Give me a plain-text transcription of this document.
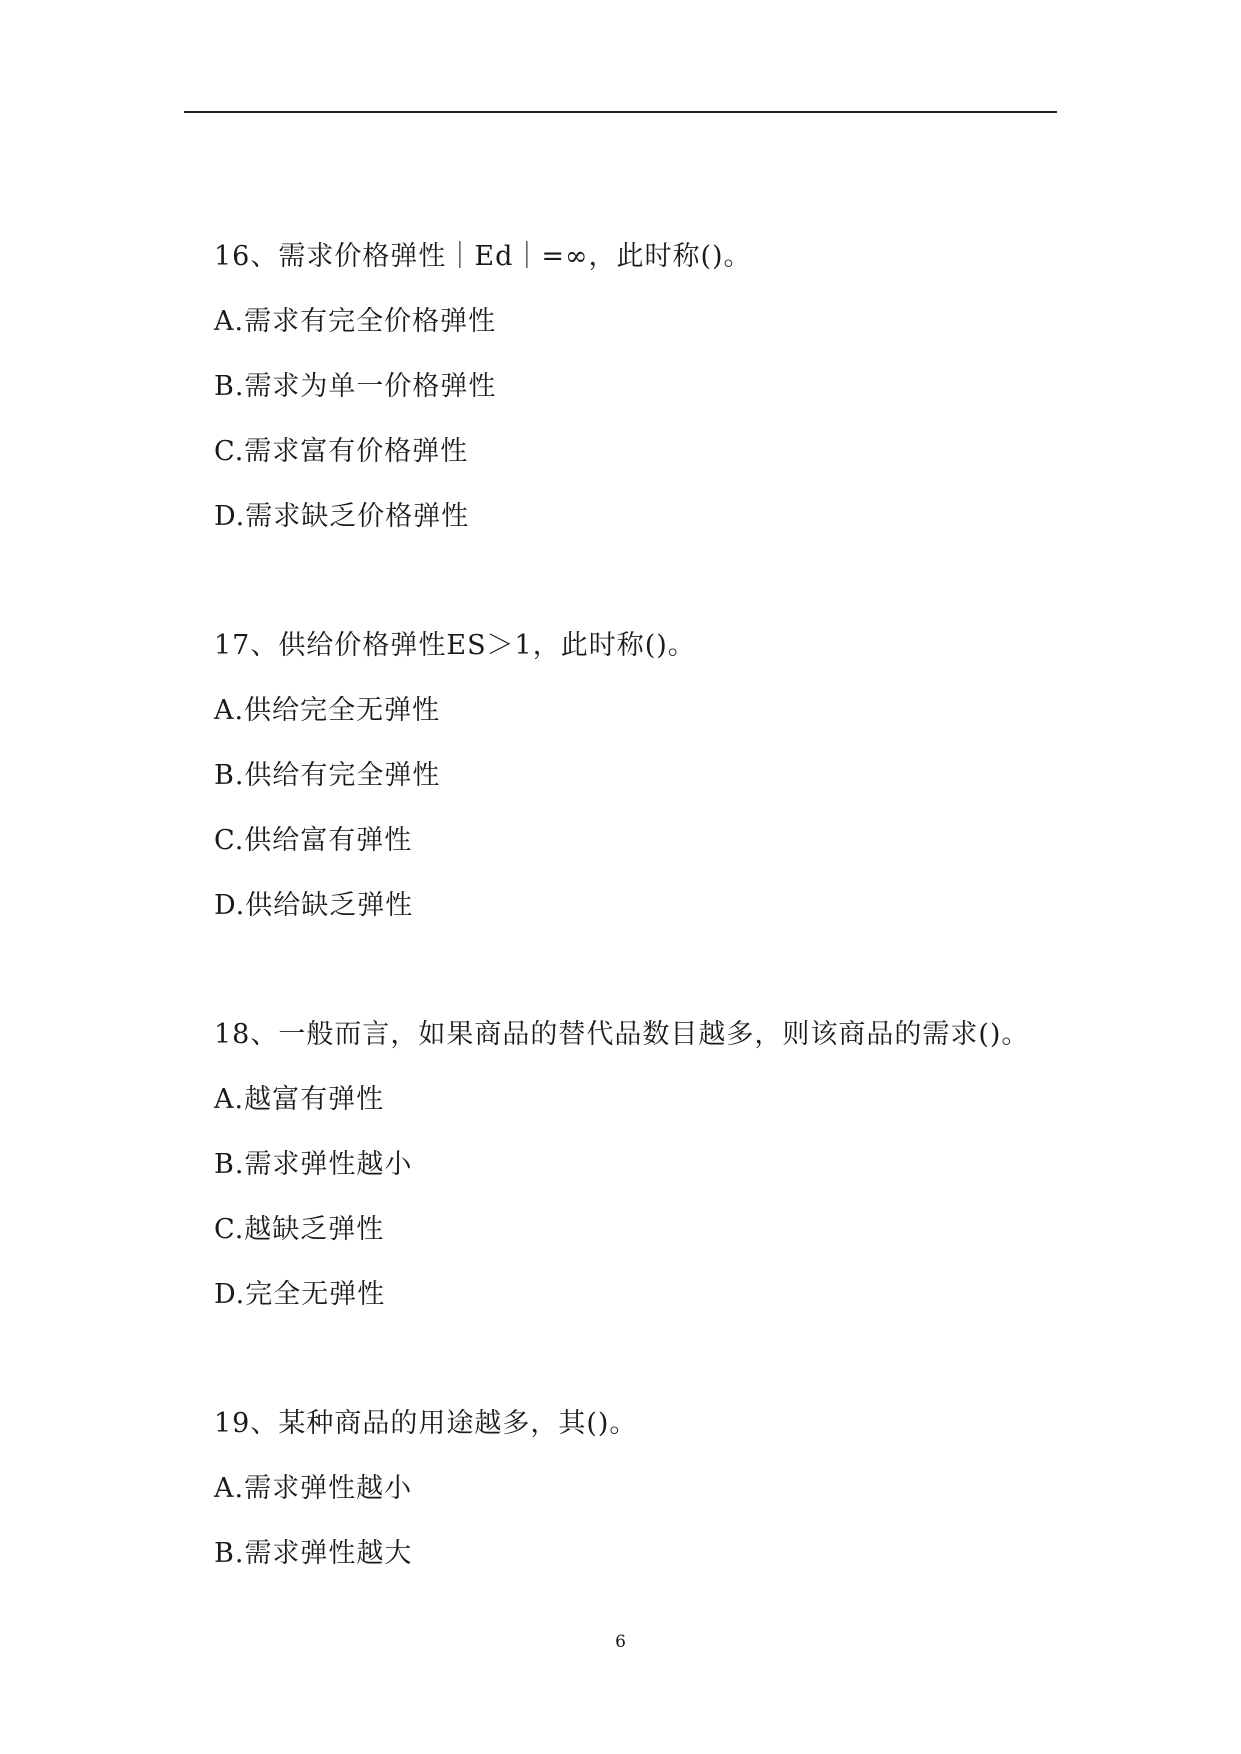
16、需求价格弹性｜Ed｜=∞，此时称()。
A.需求有完全价格弹性
B.需求为单一价格弹性
C.需求富有价格弹性
D.需求缺乏价格弹性
17、供给价格弹性ES＞1，此时称()。
A.供给完全无弹性
B.供给有完全弹性
C.供给富有弹性
D.供给缺乏弹性
18、一般而言，如果商品的替代品数目越多，则该商品的需求()。
A.越富有弹性
B.需求弹性越小
C.越缺乏弹性
D.完全无弹性
19、某种商品的用途越多，其()。
A.需求弹性越小
B.需求弹性越大
6
